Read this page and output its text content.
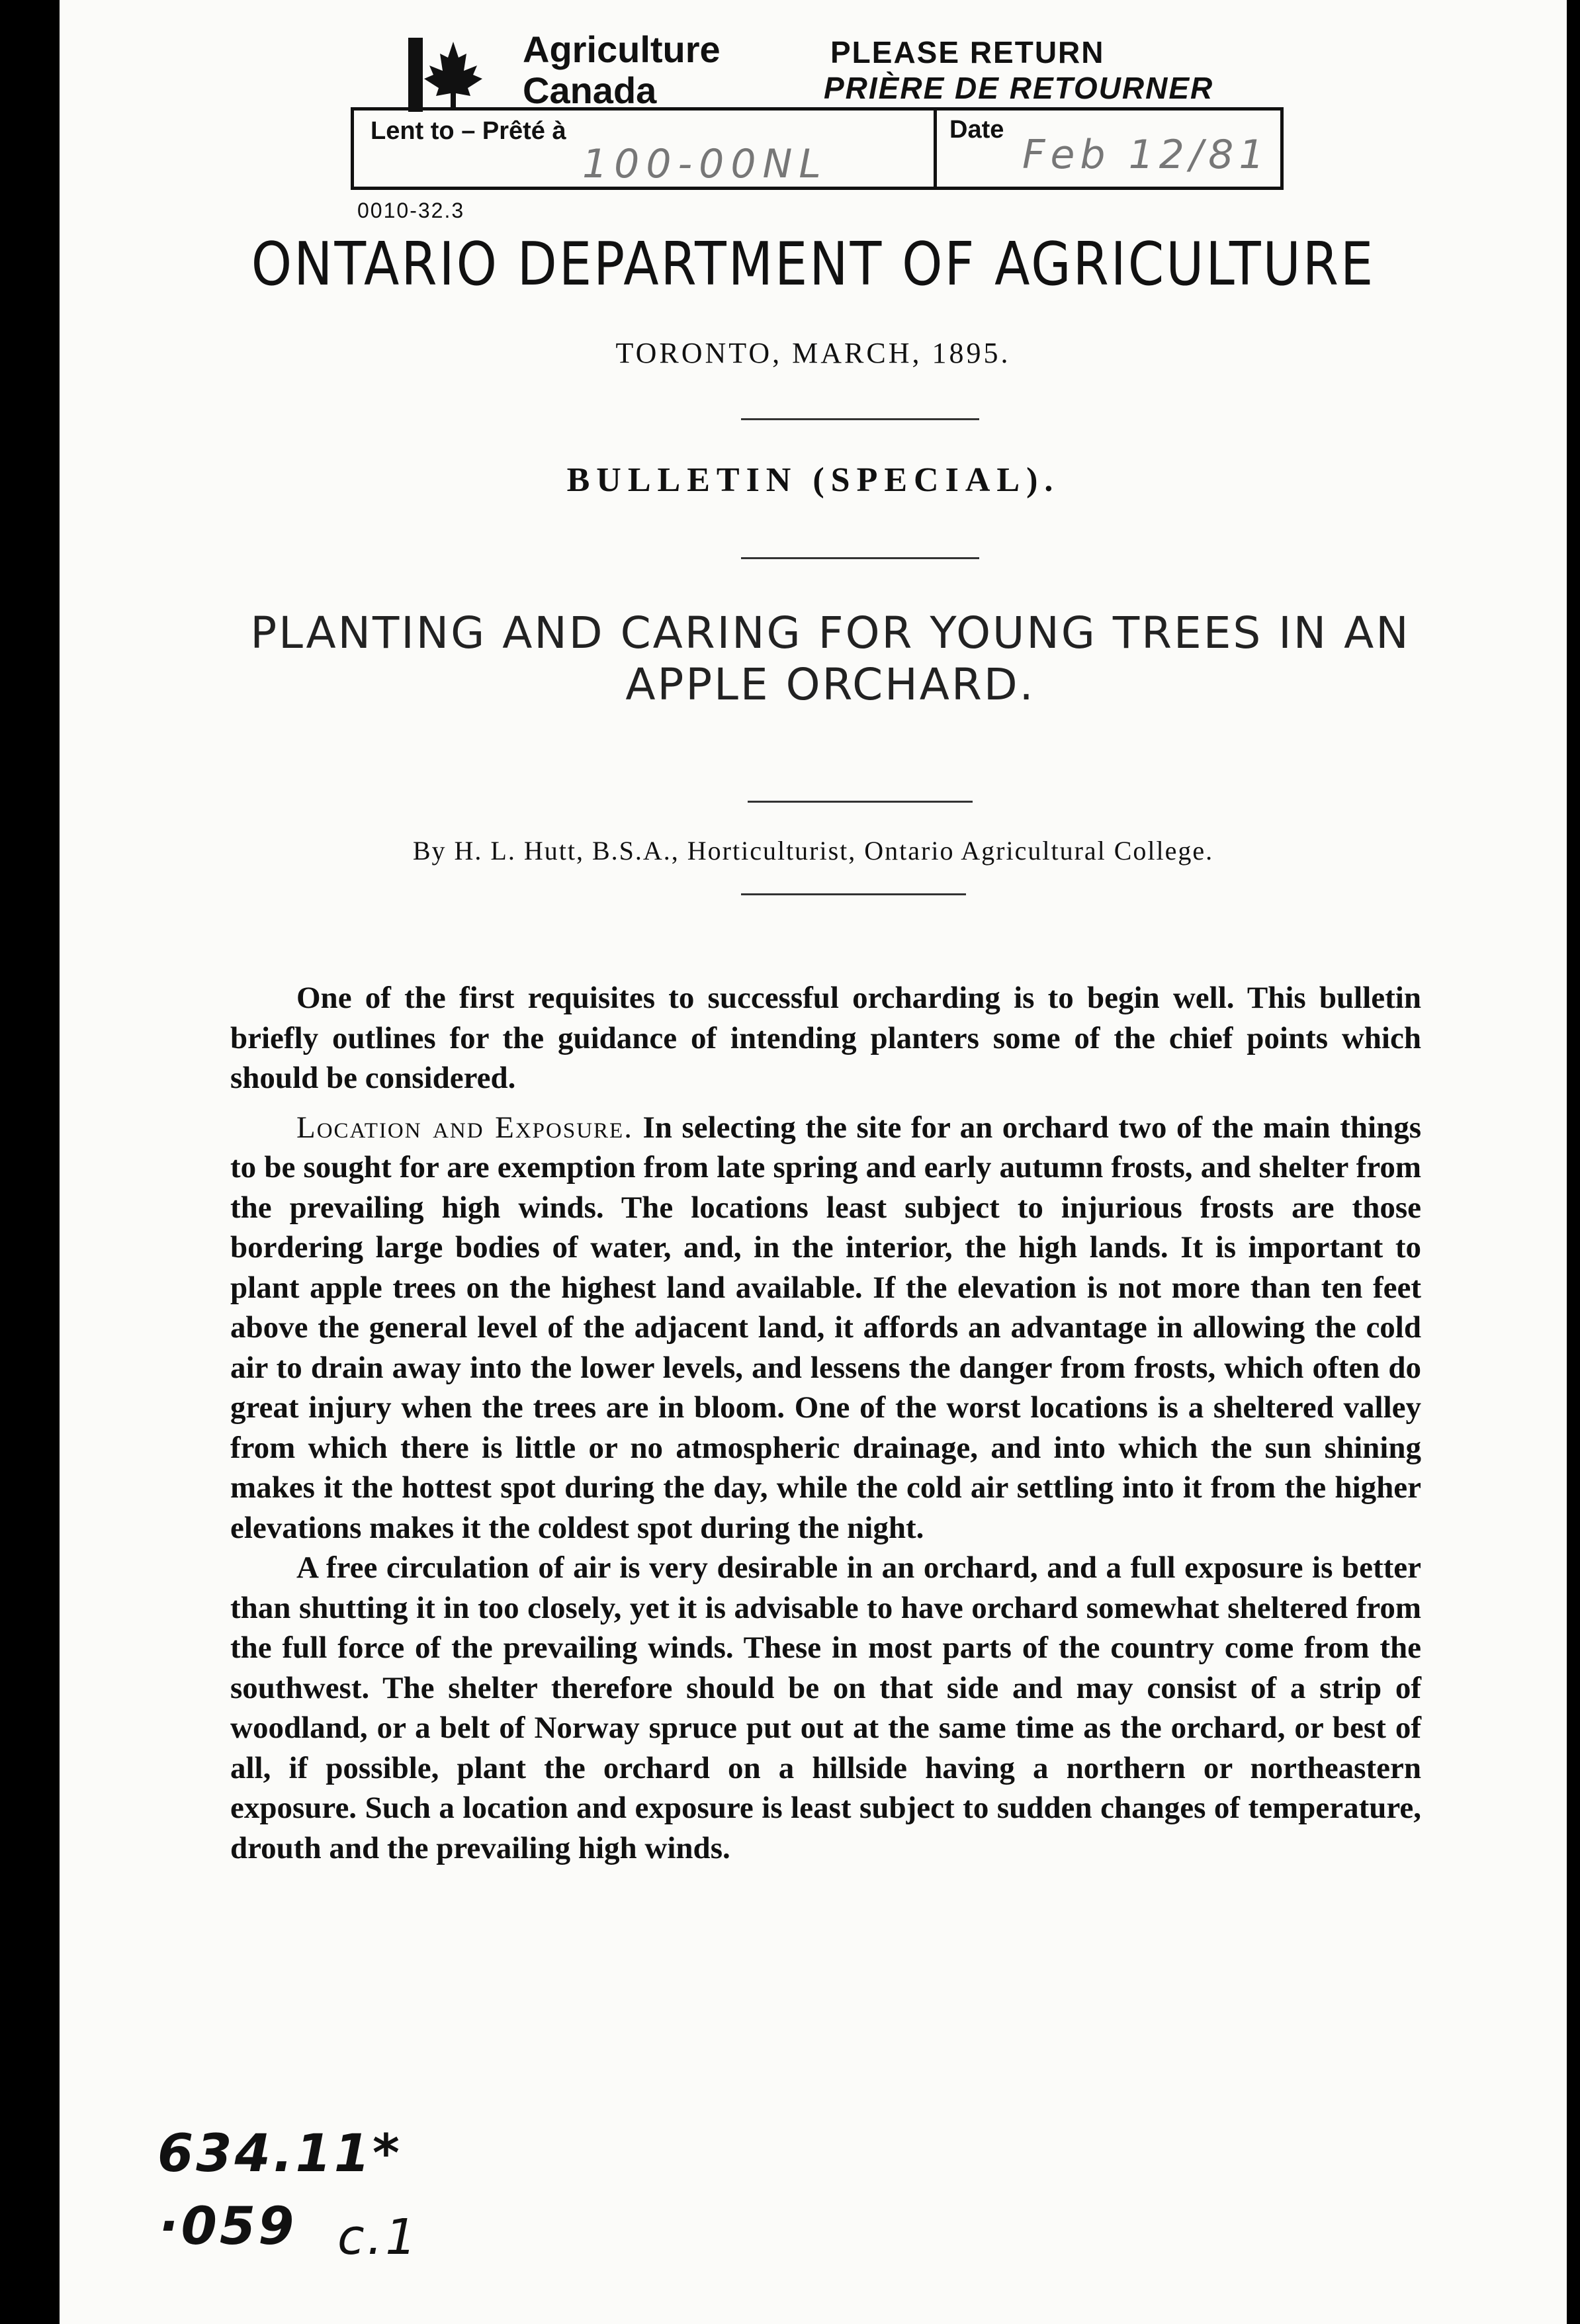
Agriculture
Canada
PLEASE RETURN
PRIÈRE DE RETOURNER
Lent to – Prêté à
100-00NL
Date
Feb 12/81
0010-32.3
ONTARIO DEPARTMENT OF AGRICULTURE
TORONTO, MARCH, 1895.
BULLETIN (SPECIAL).
PLANTING AND CARING FOR YOUNG TREES IN AN APPLE ORCHARD.
By H. L. Hutt, B.S.A., Horticulturist, Ontario Agricultural College.

One of the first requisites to successful orcharding is to begin well. This bulletin briefly outlines for the guidance of intending planters some of the chief points which should be considered.

Location and Exposure. In selecting the site for an orchard two of the main things to be sought for are exemption from late spring and early autumn frosts, and shelter from the prevailing high winds. The locations least subject to injurious frosts are those bordering large bodies of water, and, in the interior, the high lands. It is important to plant apple trees on the highest land available. If the elevation is not more than ten feet above the general level of the adjacent land, it affords an advantage in allowing the cold air to drain away into the lower levels, and lessens the danger from frosts, which often do great injury when the trees are in bloom. One of the worst locations is a sheltered valley from which there is little or no atmospheric drainage, and into which the sun shining makes it the hottest spot during the day, while the cold air settling into it from the higher elevations makes it the coldest spot during the night.

A free circulation of air is very desirable in an orchard, and a full exposure is better than shutting it in too closely, yet it is advisable to have orchard somewhat sheltered from the full force of the prevailing winds. These in most parts of the country come from the southwest. The shelter therefore should be on that side and may consist of a strip of woodland, or a belt of Norway spruce put out at the same time as the orchard, or best of all, if possible, plant the orchard on a hillside having a northern or northeastern exposure. Such a location and exposure is least subject to sudden changes of temperature, drouth and the prevailing high winds.

634.11*
·059 c.1
